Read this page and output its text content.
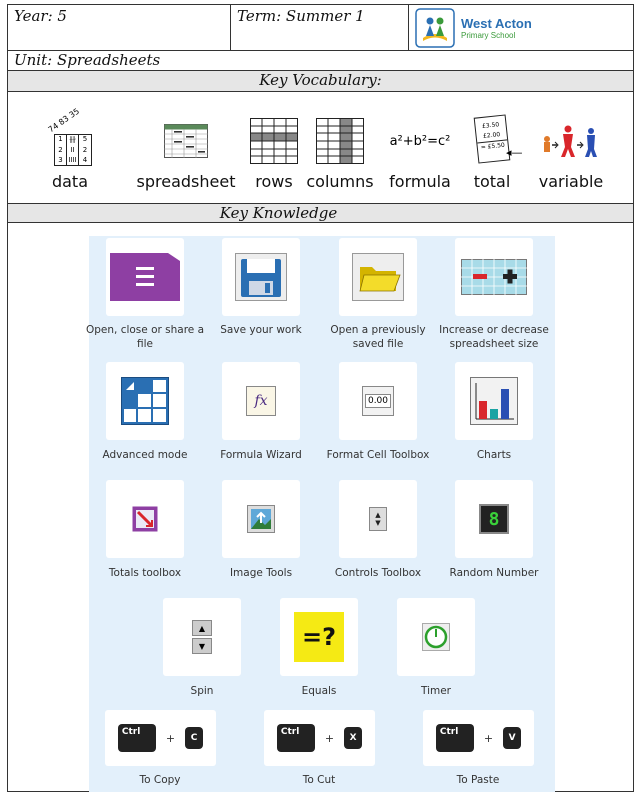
Year: 5	Term: Summer 1	West Acton
Primary School
Unit: Spreadsheets
Key Vocabulary:
74 83 35
1 卌 5
2	II	2
3 IIII 4
data	spreadsheet	rows columns
a²+b²=c²
formula
£3.50
£2.00
= £5.50 ◂—
total	variable
Key Knowledge
Open, close or share a file
Save your work	Open a previously saved file
Increase or decrease spreadsheet size
Advanced mode
fx
Formula Wizard
0.00
Format Cell Toolbox	Charts
Totals toolbox	Image Tools
▲
▼
Controls Toolbox
8
Random Number
▲
▼
Spin
=?
Equals	Timer
Ctrl	+	C
To Copy
Ctrl	+	X
To Cut
Ctrl	+	V
To Paste
